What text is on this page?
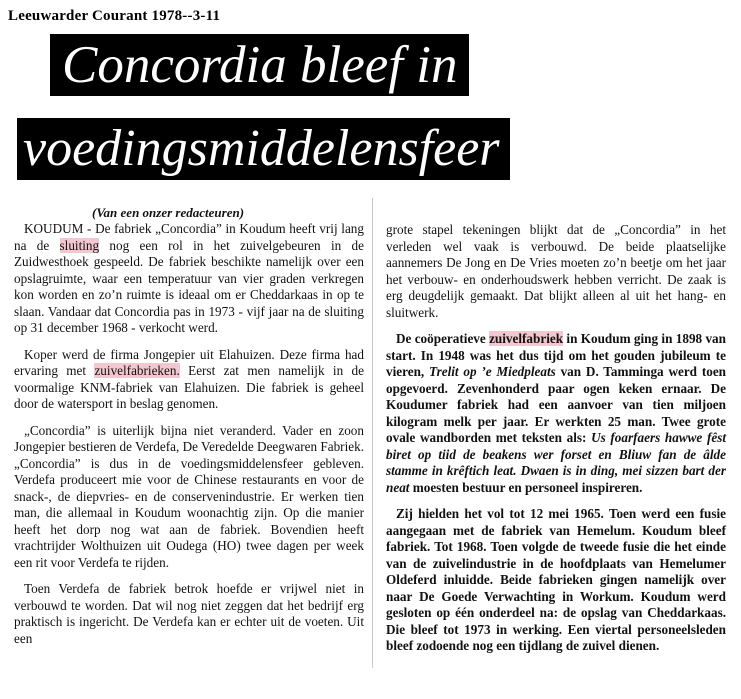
Leeuwarder Courant 1978--3-11
Concordia bleef in
voedingsmiddelensfeer
(Van een onzer redacteuren)

KOUDUM - De fabriek „Concordia” in Koudum heeft vrij lang na de sluiting nog een rol in het zuivelgebeuren in de Zuidwesthoek gespeeld. De fabriek beschikte namelijk over een opslagruimte, waar een temperatuur van vier graden verkregen kon worden en zo’n ruimte is ideaal om er Cheddarkaas in op te slaan. Vandaar dat Concordia pas in 1973 - vijf jaar na de sluiting op 31 december 1968 - verkocht werd.

Koper werd de firma Jongepier uit Elahuizen. Deze firma had ervaring met zuivelfabrieken. Eerst zat men namelijk in de voormalige KNM-fabriek van Elahuizen. Die fabriek is geheel door de watersport in beslag genomen.

„Concordia” is uiterlijk bijna niet veranderd. Vader en zoon Jongepier bestieren de Verdefa, De Veredelde Deegwaren Fabriek. „Concordia” is dus in de voedingsmiddelensfeer gebleven. Verdefa produceert mie voor de Chinese restaurants en voor de snack-, de diepvries- en de conservenindustrie. Er werken tien man, die allemaal in Koudum woonachtig zijn. Op die manier heeft het dorp nog wat aan de fabriek. Bovendien heeft vrachtrijder Wolthuizen uit Oudega (HO) twee dagen per week een rit voor Verdefa te rijden.

Toen Verdefa de fabriek betrok hoefde er vrijwel niet in verbouwd te worden. Dat wil nog niet zeggen dat het bedrijf erg praktisch is ingericht. De Verdefa kan er echter uit de voeten. Uit een

grote stapel tekeningen blijkt dat de „Concordia” in het verleden wel vaak is verbouwd. De beide plaatselijke aannemers De Jong en De Vries moeten zo’n beetje om het jaar het verbouw- en onderhoudswerk hebben verricht. De zaak is erg deugdelijk gemaakt. Dat blijkt alleen al uit het hang- en sluitwerk.

De coöperatieve zuivelfabriek in Koudum ging in 1898 van start. In 1948 was het dus tijd om het gouden jubileum te vieren, Trelit op ’e Miedpleats van D. Tamminga werd toen opgevoerd. Zevenhonderd paar ogen keken ernaar. De Koudumer fabriek had een aanvoer van tien miljoen kilogram melk per jaar. Er werkten 25 man. Twee grote ovale wandborden met teksten als: Us foarfaers hawwe fêst biret op tiid de beakens wer forset en Bliuw fan de âlde stamme in krêftich leat. Dwaen is in ding, mei sizzen bart der neat moesten bestuur en personeel inspireren.

Zij hielden het vol tot 12 mei 1965. Toen werd een fusie aangegaan met de fabriek van Hemelum. Koudum bleef fabriek. Tot 1968. Toen volgde de tweede fusie die het einde van de zuivelindustrie in de hoofdplaats van Hemelumer Oldeferd inluidde. Beide fabrieken gingen namelijk over naar De Goede Verwachting in Workum. Koudum werd gesloten op één onderdeel na: de opslag van Cheddarkaas. Die bleef tot 1973 in werking. Een viertal personeelsleden bleef zodoende nog een tijdlang de zuivel dienen.
